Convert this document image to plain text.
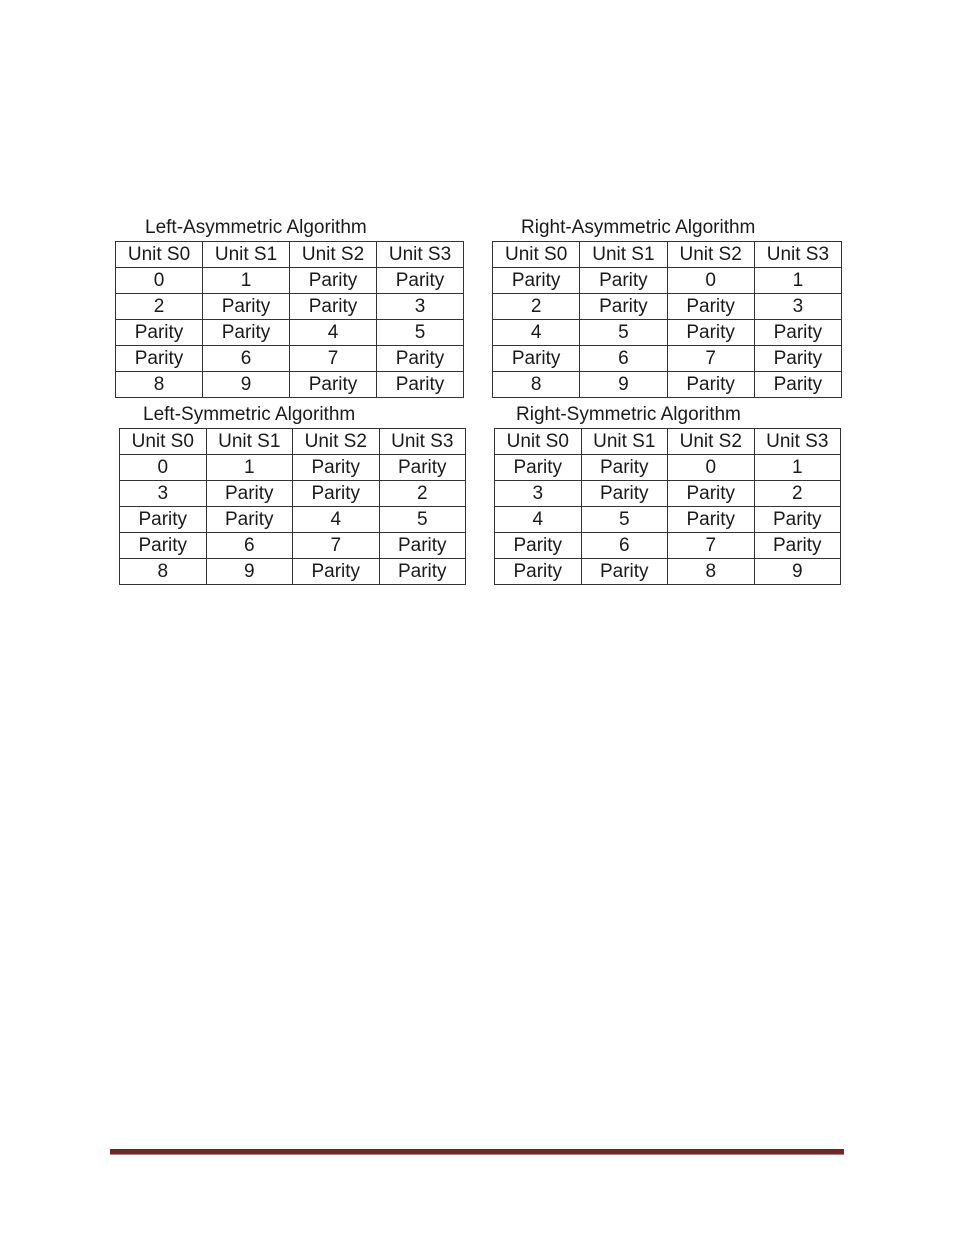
Left-Asymmetric Algorithm
Unit S0	Unit S1	Unit S2	Unit S3
0	1	Parity	Parity
2	Parity	Parity	3
Parity	Parity	4	5
Parity	6	7	Parity
8	9	Parity	Parity
Right-Asymmetric Algorithm
Unit S0	Unit S1	Unit S2	Unit S3
Parity	Parity	0	1
2	Parity	Parity	3
4	5	Parity	Parity
Parity	6	7	Parity
8	9	Parity	Parity
Left-Symmetric Algorithm
Unit S0	Unit S1	Unit S2	Unit S3
0	1	Parity	Parity
3	Parity	Parity	2
Parity	Parity	4	5
Parity	6	7	Parity
8	9	Parity	Parity
Right-Symmetric Algorithm
Unit S0	Unit S1	Unit S2	Unit S3
Parity	Parity	0	1
3	Parity	Parity	2
4	5	Parity	Parity
Parity	6	7	Parity
Parity	Parity	8	9
